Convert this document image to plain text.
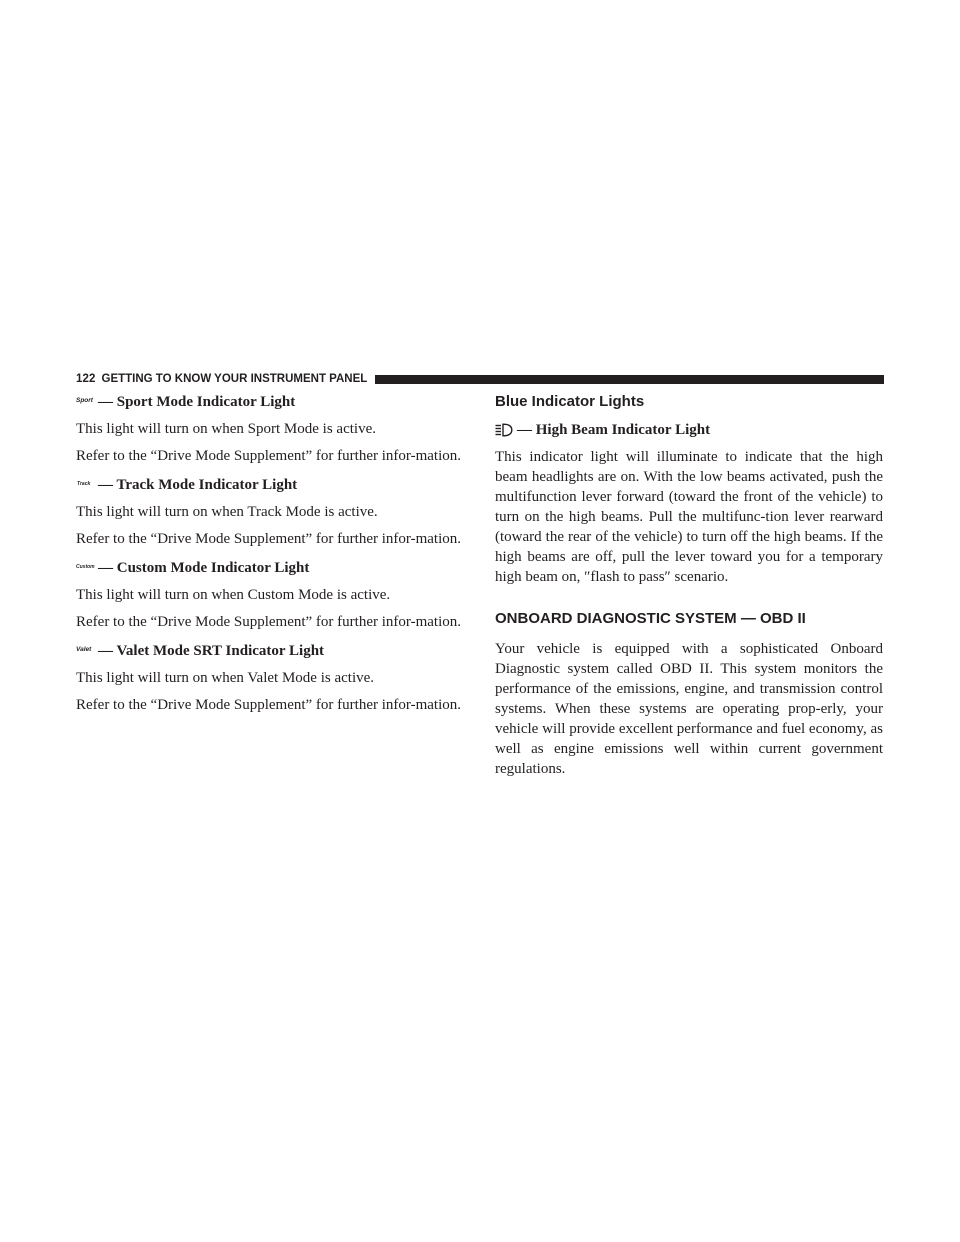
122 GETTING TO KNOW YOUR INSTRUMENT PANEL
Sport — Sport Mode Indicator Light

This light will turn on when Sport Mode is active.

Refer to the “Drive Mode Supplement” for further infor-mation.

Track — Track Mode Indicator Light

This light will turn on when Track Mode is active.

Refer to the “Drive Mode Supplement” for further infor-mation.

Custom — Custom Mode Indicator Light

This light will turn on when Custom Mode is active.

Refer to the “Drive Mode Supplement” for further infor-mation.

Valet — Valet Mode SRT Indicator Light

This light will turn on when Valet Mode is active.

Refer to the “Drive Mode Supplement” for further infor-mation.

Blue Indicator Lights
— High Beam Indicator Light

This indicator light will illuminate to indicate that the high beam headlights are on. With the low beams activated, push the multifunction lever forward (toward the front of the vehicle) to turn on the high beams. Pull the multifunc-tion lever rearward (toward the rear of the vehicle) to turn off the high beams. If the high beams are off, pull the lever toward you for a temporary high beam on, ″flash to pass″ scenario.

ONBOARD DIAGNOSTIC SYSTEM — OBD II

Your vehicle is equipped with a sophisticated Onboard Diagnostic system called OBD II. This system monitors the performance of the emissions, engine, and transmission control systems. When these systems are operating prop-erly, your vehicle will provide excellent performance and fuel economy, as well as engine emissions well within current government regulations.
